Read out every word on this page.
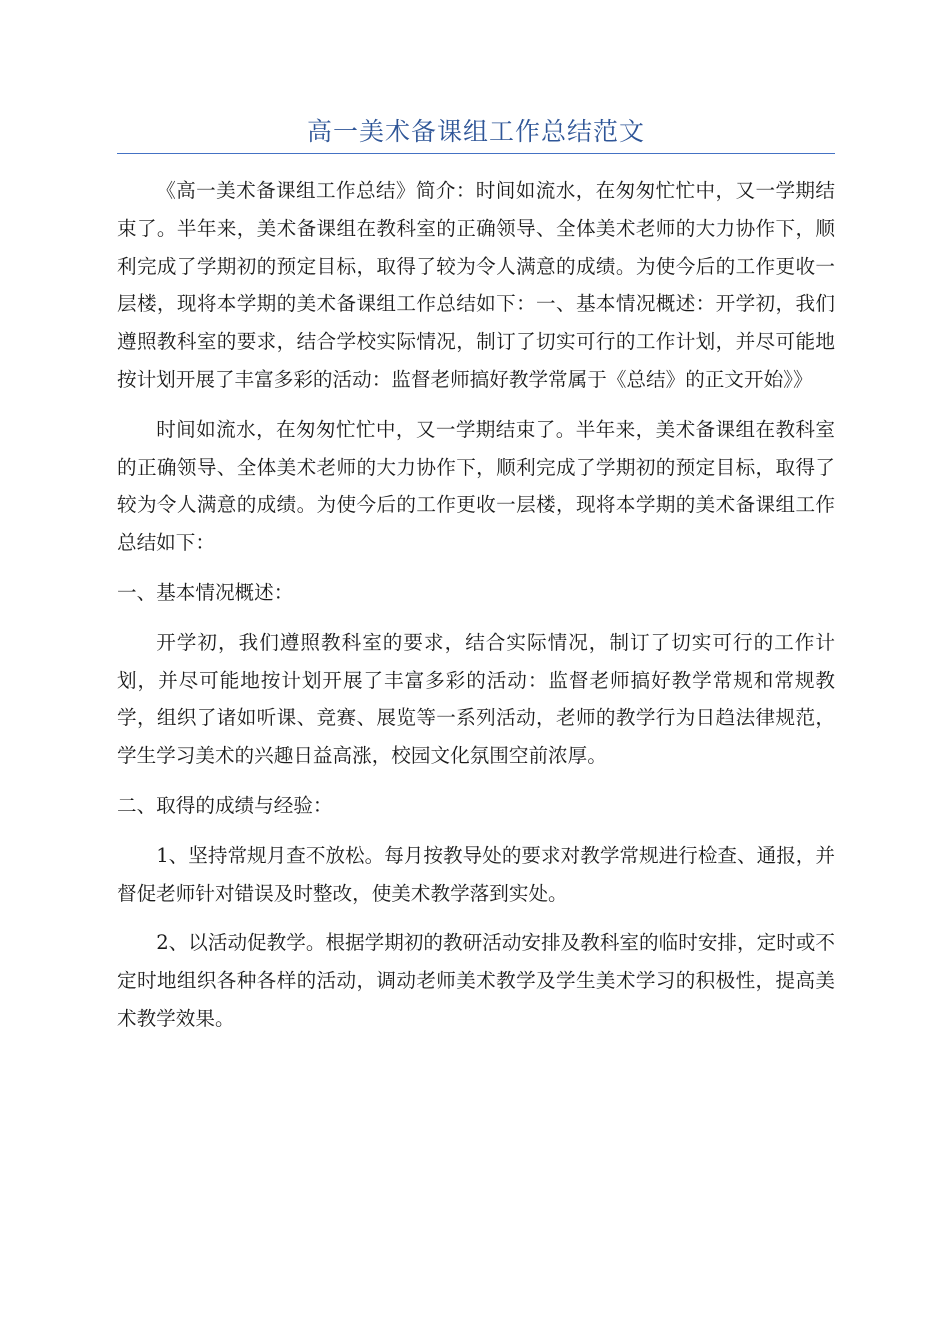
高一美术备课组工作总结范文

《高一美术备课组工作总结》简介：时间如流水，在匆匆忙忙中，又一学期结束了。半年来，美术备课组在教科室的正确领导、全体美术老师的大力协作下，顺利完成了学期初的预定目标，取得了较为令人满意的成绩。为使今后的工作更收一层楼，现将本学期的美术备课组工作总结如下：一、基本情况概述：开学初，我们遵照教科室的要求，结合学校实际情况，制订了切实可行的工作计划，并尽可能地按计划开展了丰富多彩的活动：监督老师搞好教学常属于《总结》的正文开始》》

时间如流水，在匆匆忙忙中，又一学期结束了。半年来，美术备课组在教科室的正确领导、全体美术老师的大力协作下，顺利完成了学期初的预定目标，取得了较为令人满意的成绩。为使今后的工作更收一层楼，现将本学期的美术备课组工作总结如下：

一、基本情况概述：

开学初，我们遵照教科室的要求，结合实际情况，制订了切实可行的工作计划，并尽可能地按计划开展了丰富多彩的活动：监督老师搞好教学常规和常规教学，组织了诸如听课、竞赛、展览等一系列活动，老师的教学行为日趋法律规范，学生学习美术的兴趣日益高涨，校园文化氛围空前浓厚。

二、取得的成绩与经验：

1、坚持常规月查不放松。每月按教导处的要求对教学常规进行检查、通报，并督促老师针对错误及时整改，使美术教学落到实处。

2、以活动促教学。根据学期初的教研活动安排及教科室的临时安排，定时或不定时地组织各种各样的活动，调动老师美术教学及学生美术学习的积极性，提高美术教学效果。
